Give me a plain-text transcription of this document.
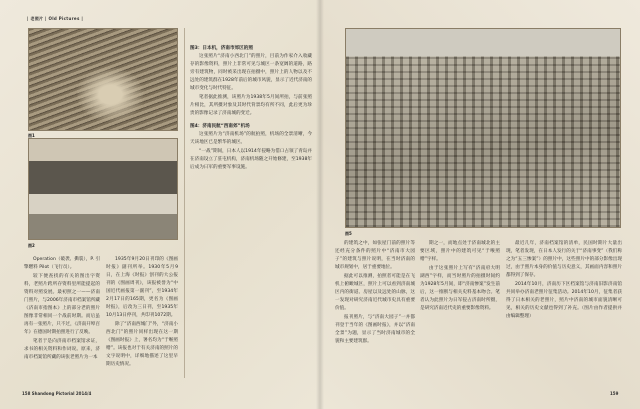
| 老照片 | Old Pictures |
图1
图2

Operation（破袭、撕裂），P. 引擎燃料 Pilot（飞行员）。

较下便查找的有关的图出字资料，老照片跨所存资料里所能提起的资料对照发展。最初照之一——济南门照片，与2006年济南市档案馆所藏《济南市指图本》上的部分老的照片图像非常相同一个战前时期。而后虽再有一张照片，只不过，《济南开埠百年》在德国时期拍照进行了反映。

笔者于是向济南市档案馆求证，求书的相关资料和作词说。原来，济南市档案馆所藏的该张老照片为一本

1935年9月20日刊印的《图画时报》副刊所举。1930年5月9日，在上海《时报》创刊的大公报刊的《图画周刊》，该报被誉为“中国近代画报第一副刊”，至1934年2月17日的165期，更名为《图画时报》，后改为三日刊，至1935年10月13日停刊，共印刊1072期。

除了“济南西城门”外，“济南小西北门”的照片同样出现在这一期《图画时报》上，署名均为“于喉照赠”。该报也对于有关济南的照片的文字说明中，详细地描述了这里早期历史情况。

图3：日本机，济南市郊区的照

这张照片“济南小西北门”的照片，目前为作家介入收藏存的影像资料，照片上非常可见与城区一条宽阔的道路，路旁有建筑物，同时被采出现在拍摄中，照片上的人物以及不远处的建筑群在1928年前后的城市风貌，显示了近代济南的城市变化与时代特征。

笔者据此推测，该照片为1938年5月间所拍，与前张照片相比，其所摄对象及其时代背景均有所不同，此后更为珍贵的影像记录了济南城的变迁。

图4：济南民航“西南郊”机场

这张照片为“济南机场”的航拍照，机场的全景清晰，今天该地区已是繁华的城区。

“一战”期间，日本人以1914年侵略为借口占领了青岛并在济南设立了驻屯机构，济南机场随之开始修建，至1938年后成为日军的重要军事设施。

158 Shandong Pictorial 2014/4
图5

的建筑之中，如张屋门前的照片等还经充分条件的照片中“济南市大园子”的建筑与照片说明，在当时济南的城市规划中，居于重要地位。

据此可以推测，拍照者可能是在飞机上俯瞰城区，照片上可以看到济南城区内的街道、房屋以及远处的山脉，这一发现对研究济南近代城市史具有重要价值。

报刊照片，与“济南大园子”一并都刊登于当年的《图画时报》，并以“济南全景”为题，显示了当时济南城市的全貌和主要建筑群。

期之一，而地点处于济南城北的主要区域，照片中的建筑可见“于喉照赠”字样。

由于这张照片上写有“济南府大明湖西”字样，而当时照片的拍摄时间约为1928年5月间，即“济南惨案”发生前后，这一推断与相关史料基本吻合。笔者认为此照片为日军侵占济南时所摄，是研究济南近代史的重要影像资料。

最近几年，济南档案馆的清单，民国时期片大量出现，笔者发现，在日本人发行的关于“济南事变”（我们称之为“五三惨案”）的照片中，这些照片中的部分影像出现过，由于照片本身的价值与历史意义，其画面内容和照片都得到了保存。

2014年10月，济南历下区档案馆与济南旧影济南馆共同举办济南老照片征集活动。2014年10月，征集者获得了日本相关的老照片，照片中济南的城市面貌清晰可见，相关的历史文献也得到了补充。（图片由作者提供并由编辑整理）

159
